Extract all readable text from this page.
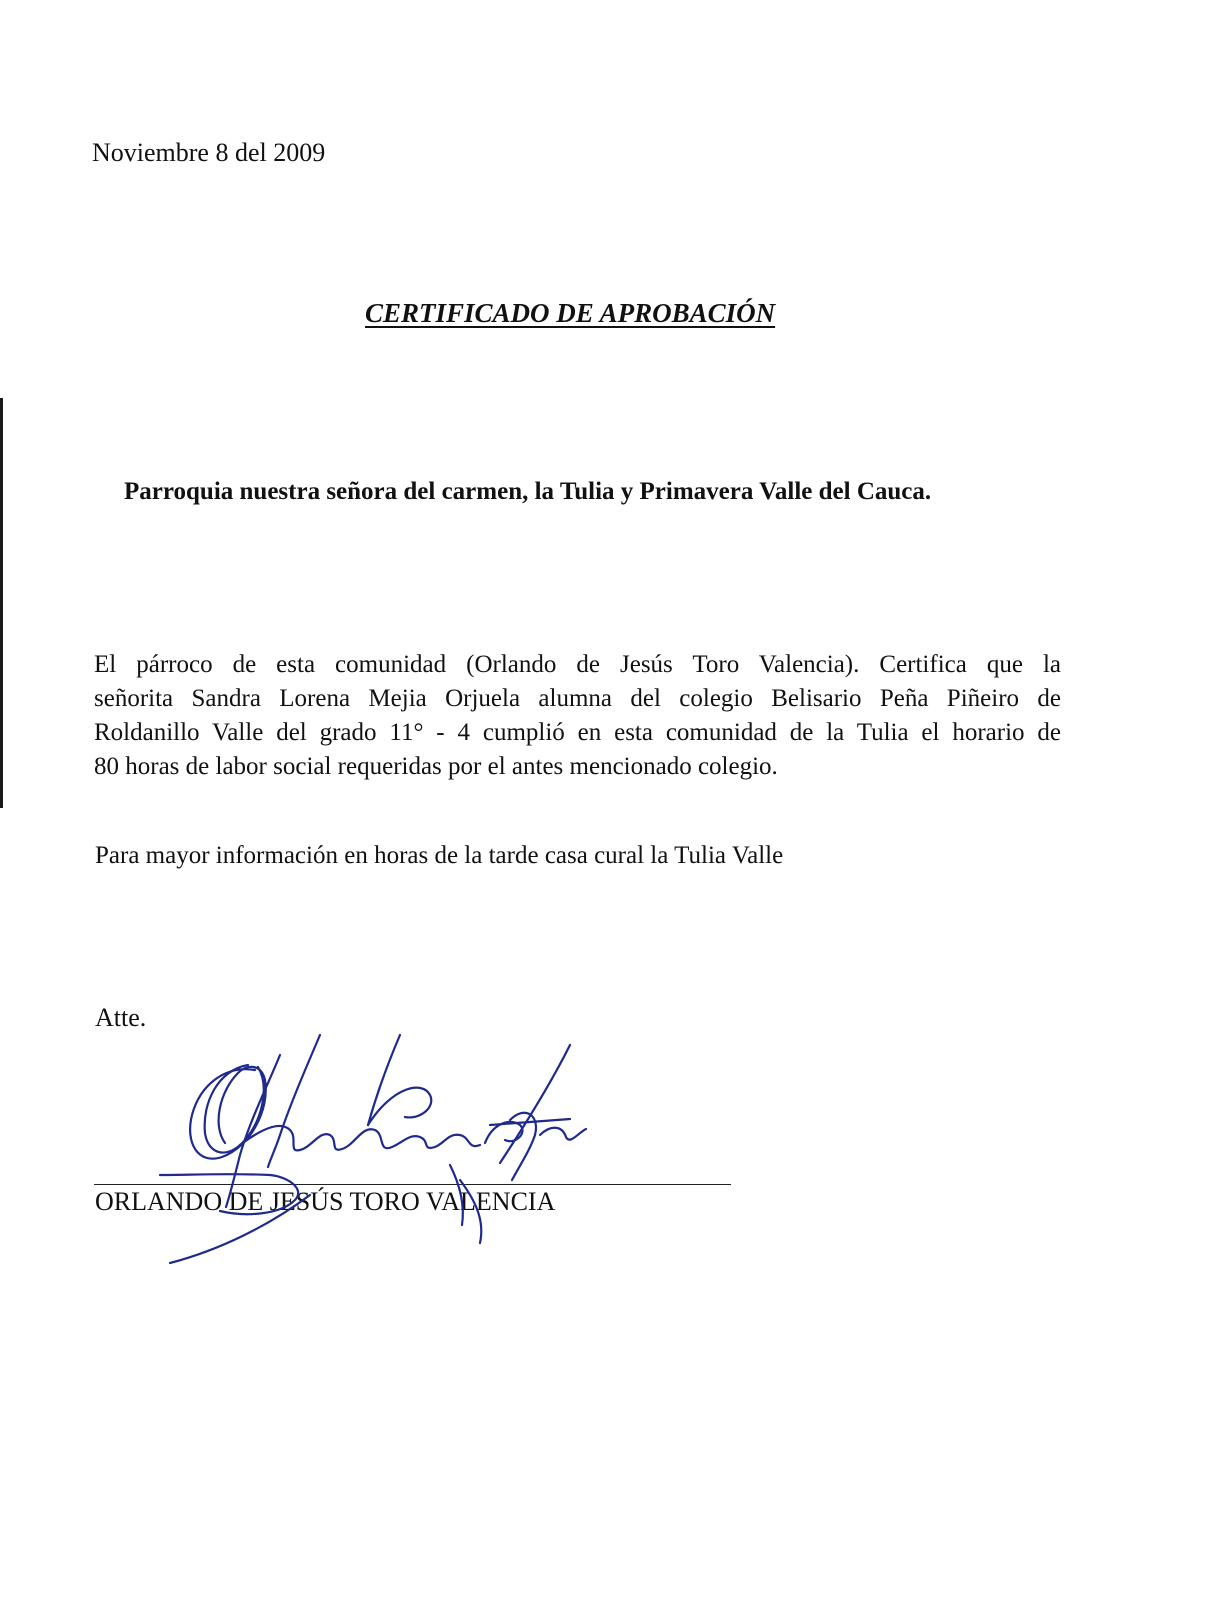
Noviembre 8 del 2009
CERTIFICADO DE APROBACIÓN
Parroquia nuestra señora del carmen, la Tulia y Primavera Valle del Cauca.
El párroco de esta comunidad (Orlando de Jesús Toro Valencia). Certifica que la
señorita Sandra Lorena Mejia Orjuela alumna del colegio Belisario Peña Piñeiro de
Roldanillo Valle del grado 11° - 4 cumplió en esta comunidad de la Tulia el horario de
80 horas de labor social requeridas por el antes mencionado colegio.
Para mayor información en horas de la tarde casa cural la Tulia Valle
Atte.
ORLANDO DE JESÚS TORO VALENCIA
